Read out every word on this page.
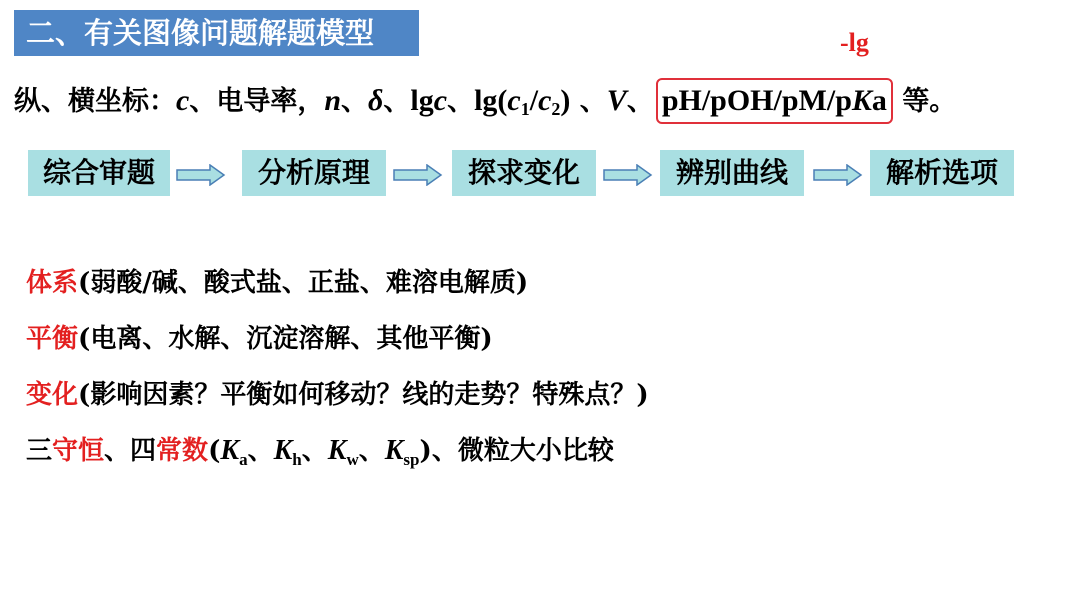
二、有关图像问题解题模型	-lg
纵、横坐标：c、电导率，n、δ、lgc、$\lg(c_1/c_2)$ 、V、 pH/pOH/pM/pKa 等。
综合审题	分析原理	探求变化	辨别曲线	解析选项
体系(弱酸/碱、酸式盐、正盐、难溶电解质)
平衡(电离、水解、沉淀溶解、其他平衡)
变化(影响因素？平衡如何移动？线的走势？特殊点？)
三守恒、四常数($K_a$、$K_h$、$K_w$、$K_{sp}$)、微粒大小比较
